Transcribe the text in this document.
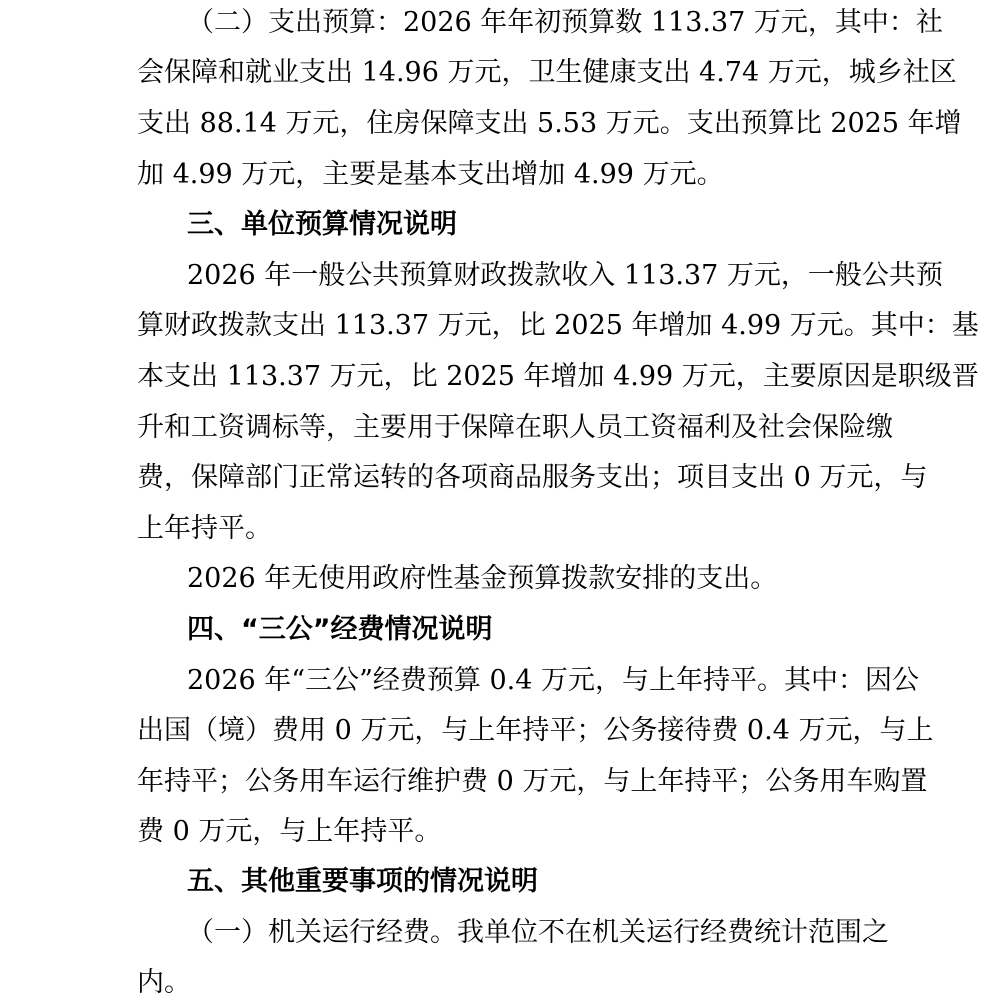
（二）支出预算：2026 年年初预算数 113.37 万元，其中：社
会保障和就业支出 14.96 万元，卫生健康支出 4.74 万元，城乡社区
支出 88.14 万元，住房保障支出 5.53 万元。支出预算比 2025 年增
加 4.99 万元，主要是基本支出增加 4.99 万元。
三、单位预算情况说明
2026 年一般公共预算财政拨款收入 113.37 万元，一般公共预
算财政拨款支出 113.37 万元，比 2025 年增加 4.99 万元。其中：基
本支出 113.37 万元，比 2025 年增加 4.99 万元，主要原因是职级晋
升和工资调标等，主要用于保障在职人员工资福利及社会保险缴
费，保障部门正常运转的各项商品服务支出；项目支出 0 万元，与
上年持平。
2026 年无使用政府性基金预算拨款安排的支出。
四、“三公”经费情况说明
2026 年“三公”经费预算 0.4 万元，与上年持平。其中：因公
出国（境）费用 0 万元，与上年持平；公务接待费 0.4 万元，与上
年持平；公务用车运行维护费 0 万元，与上年持平；公务用车购置
费 0 万元，与上年持平。
五、其他重要事项的情况说明
（一）机关运行经费。我单位不在机关运行经费统计范围之
内。
